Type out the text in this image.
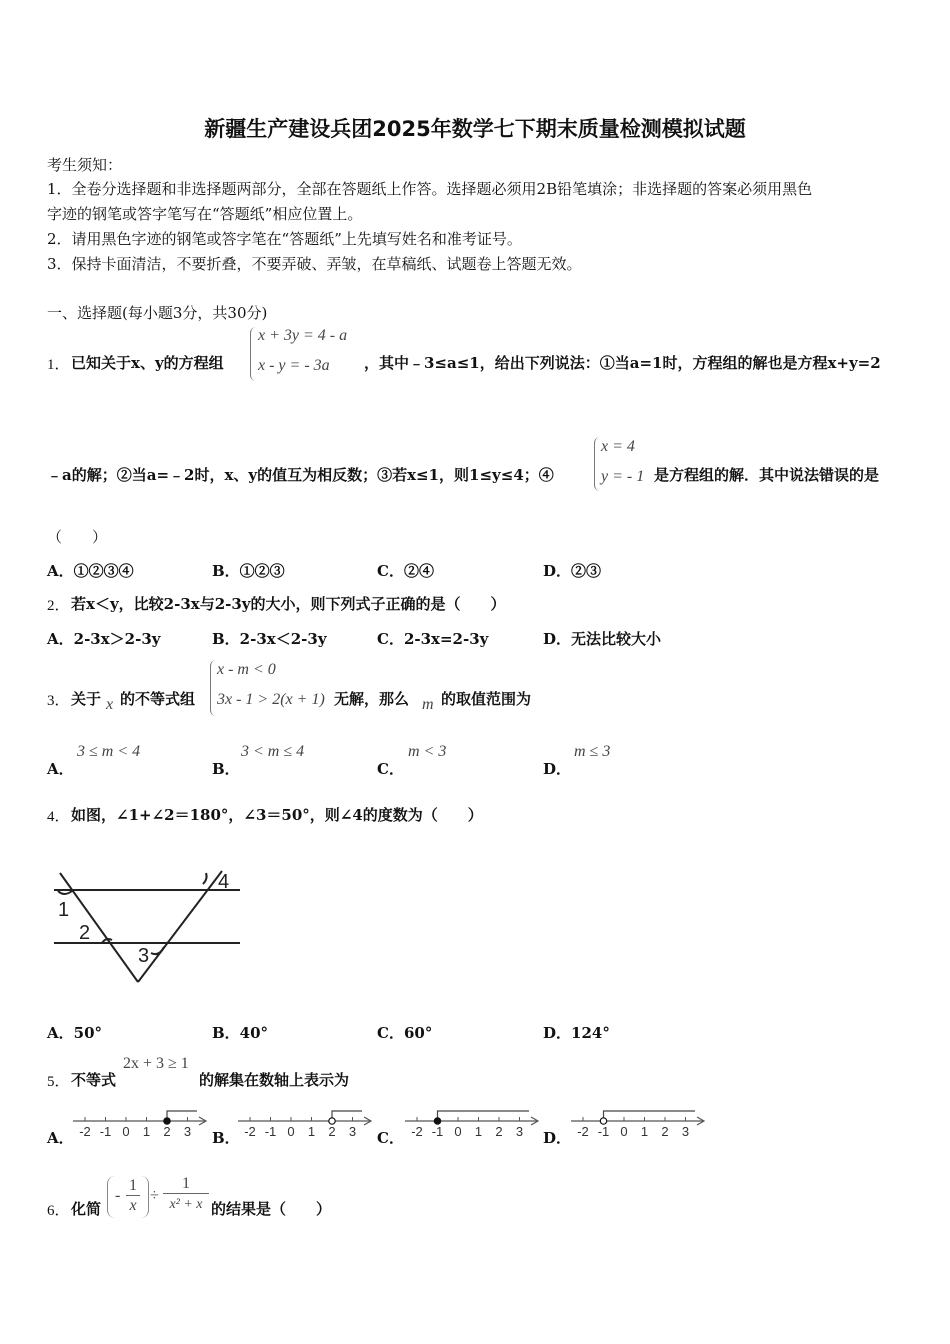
新疆生产建设兵团2025年数学七下期末质量检测模拟试题
考生须知：
1．全卷分选择题和非选择题两部分，全部在答题纸上作答。选择题必须用2B铅笔填涂；非选择题的答案必须用黑色
字迹的钢笔或答字笔写在“答题纸”相应位置上。
2．请用黑色字迹的钢笔或答字笔在“答题纸”上先填写姓名和准考证号。
3．保持卡面清洁，不要折叠，不要弄破、弄皱，在草稿纸、试题卷上答题无效。
一、选择题(每小题3分，共30分)
1． 已知关于x、y的方程组
x + 3y = 4 - a
x - y = - 3a ，其中﹣3≤a≤1，给出下列说法：①当a=1时，方程组的解也是方程x+y=2
﹣a的解；②当a=﹣2时，x、y的值互为相反数；③若x≤1，则1≤y≤4；④
x = 4
y = - 1 是方程组的解．其中说法错误的是
（　　）
A．①②③④	B．①②③	C．②④	D．②③
2． 若x＜y，比较2-3x与2-3y的大小，则下列式子正确的是（　　）
A．2-3x＞2-3y	B．2-3x＜2-3y	C．2-3x=2-3y	D．无法比较大小
3． 关于 x 的不等式组
x - m < 0
3x - 1 > 2(x + 1) 无解，那么 m 的取值范围为
A．
3 ≤ m < 4
B．
3 < m ≤ 4
C．
m < 3
D．
m ≤ 3
4． 如图，∠1+∠2＝180°，∠3＝50°，则∠4的度数为（　　）
1
2
3
4
A．50°	B．40°	C．60°	D．124°
5． 不等式
2x + 3 ≥ 1
的解集在数轴上表示为
A． -2 -1 0 1 2 3 B． -2 -1 0 1 2 3 C． -2 -1 0 1 2 3 D． -2 -1 0 1 2 3
6． 化简
- $\frac{1}{x} \div \frac{1}{\text{x² + x}}$ 的结果是（　　）
